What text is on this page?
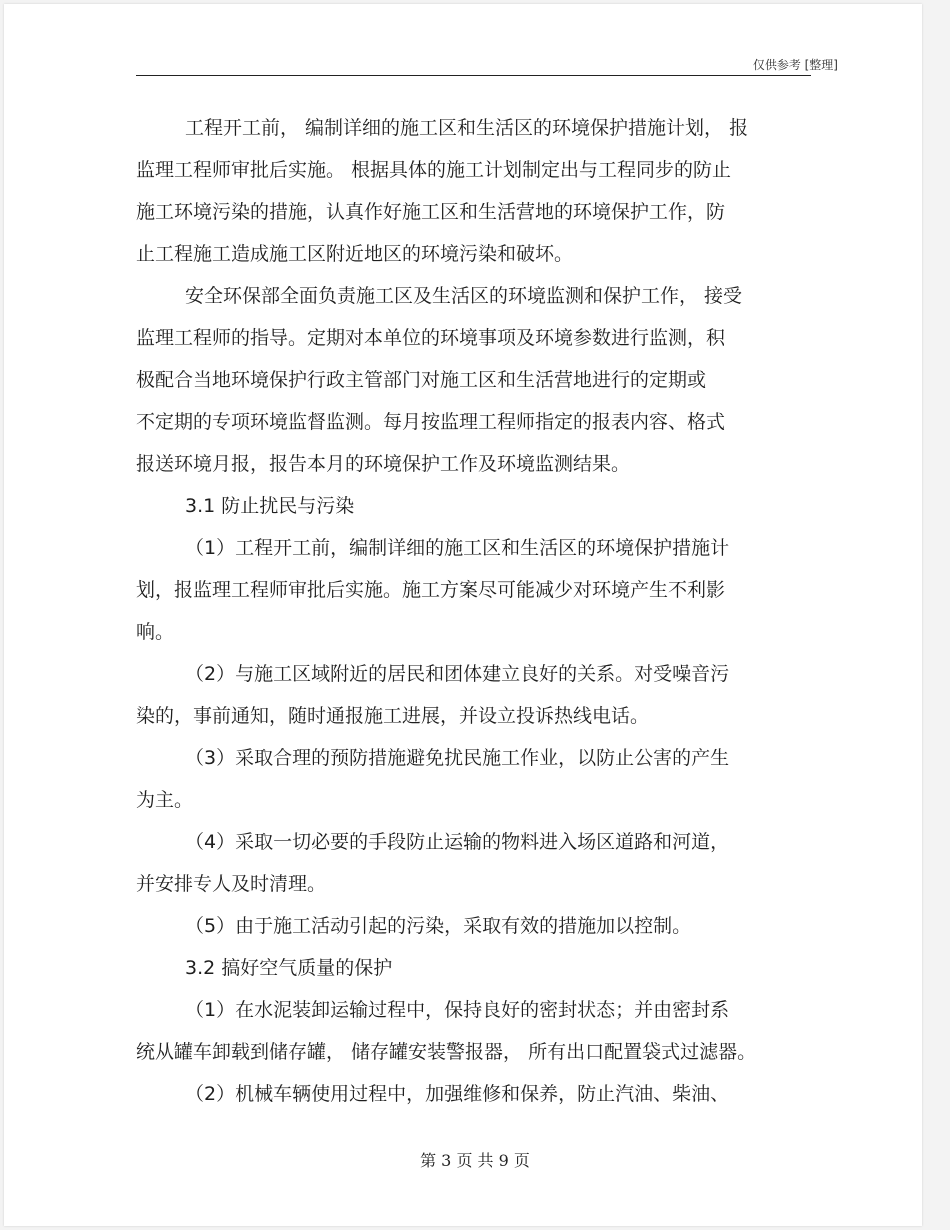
仅供参考 [整理]
工程开工前， 编制详细的施工区和生活区的环境保护措施计划， 报
监理工程师审批后实施。 根据具体的施工计划制定出与工程同步的防止
施工环境污染的措施，认真作好施工区和生活营地的环境保护工作，防
止工程施工造成施工区附近地区的环境污染和破坏。
安全环保部全面负责施工区及生活区的环境监测和保护工作， 接受
监理工程师的指导。定期对本单位的环境事项及环境参数进行监测，积
极配合当地环境保护行政主管部门对施工区和生活营地进行的定期或
不定期的专项环境监督监测。每月按监理工程师指定的报表内容、格式
报送环境月报，报告本月的环境保护工作及环境监测结果。
3.1 防止扰民与污染
（1）工程开工前，编制详细的施工区和生活区的环境保护措施计
划，报监理工程师审批后实施。施工方案尽可能减少对环境产生不利影
响。
（2）与施工区域附近的居民和团体建立良好的关系。对受噪音污
染的，事前通知，随时通报施工进展，并设立投诉热线电话。
（3）采取合理的预防措施避免扰民施工作业，以防止公害的产生
为主。
（4）采取一切必要的手段防止运输的物料进入场区道路和河道，
并安排专人及时清理。
（5）由于施工活动引起的污染，采取有效的措施加以控制。
3.2 搞好空气质量的保护
（1）在水泥装卸运输过程中，保持良好的密封状态；并由密封系
统从罐车卸载到储存罐， 储存罐安装警报器， 所有出口配置袋式过滤器。
（2）机械车辆使用过程中，加强维修和保养，防止汽油、柴油、
第 3 页 共 9 页
